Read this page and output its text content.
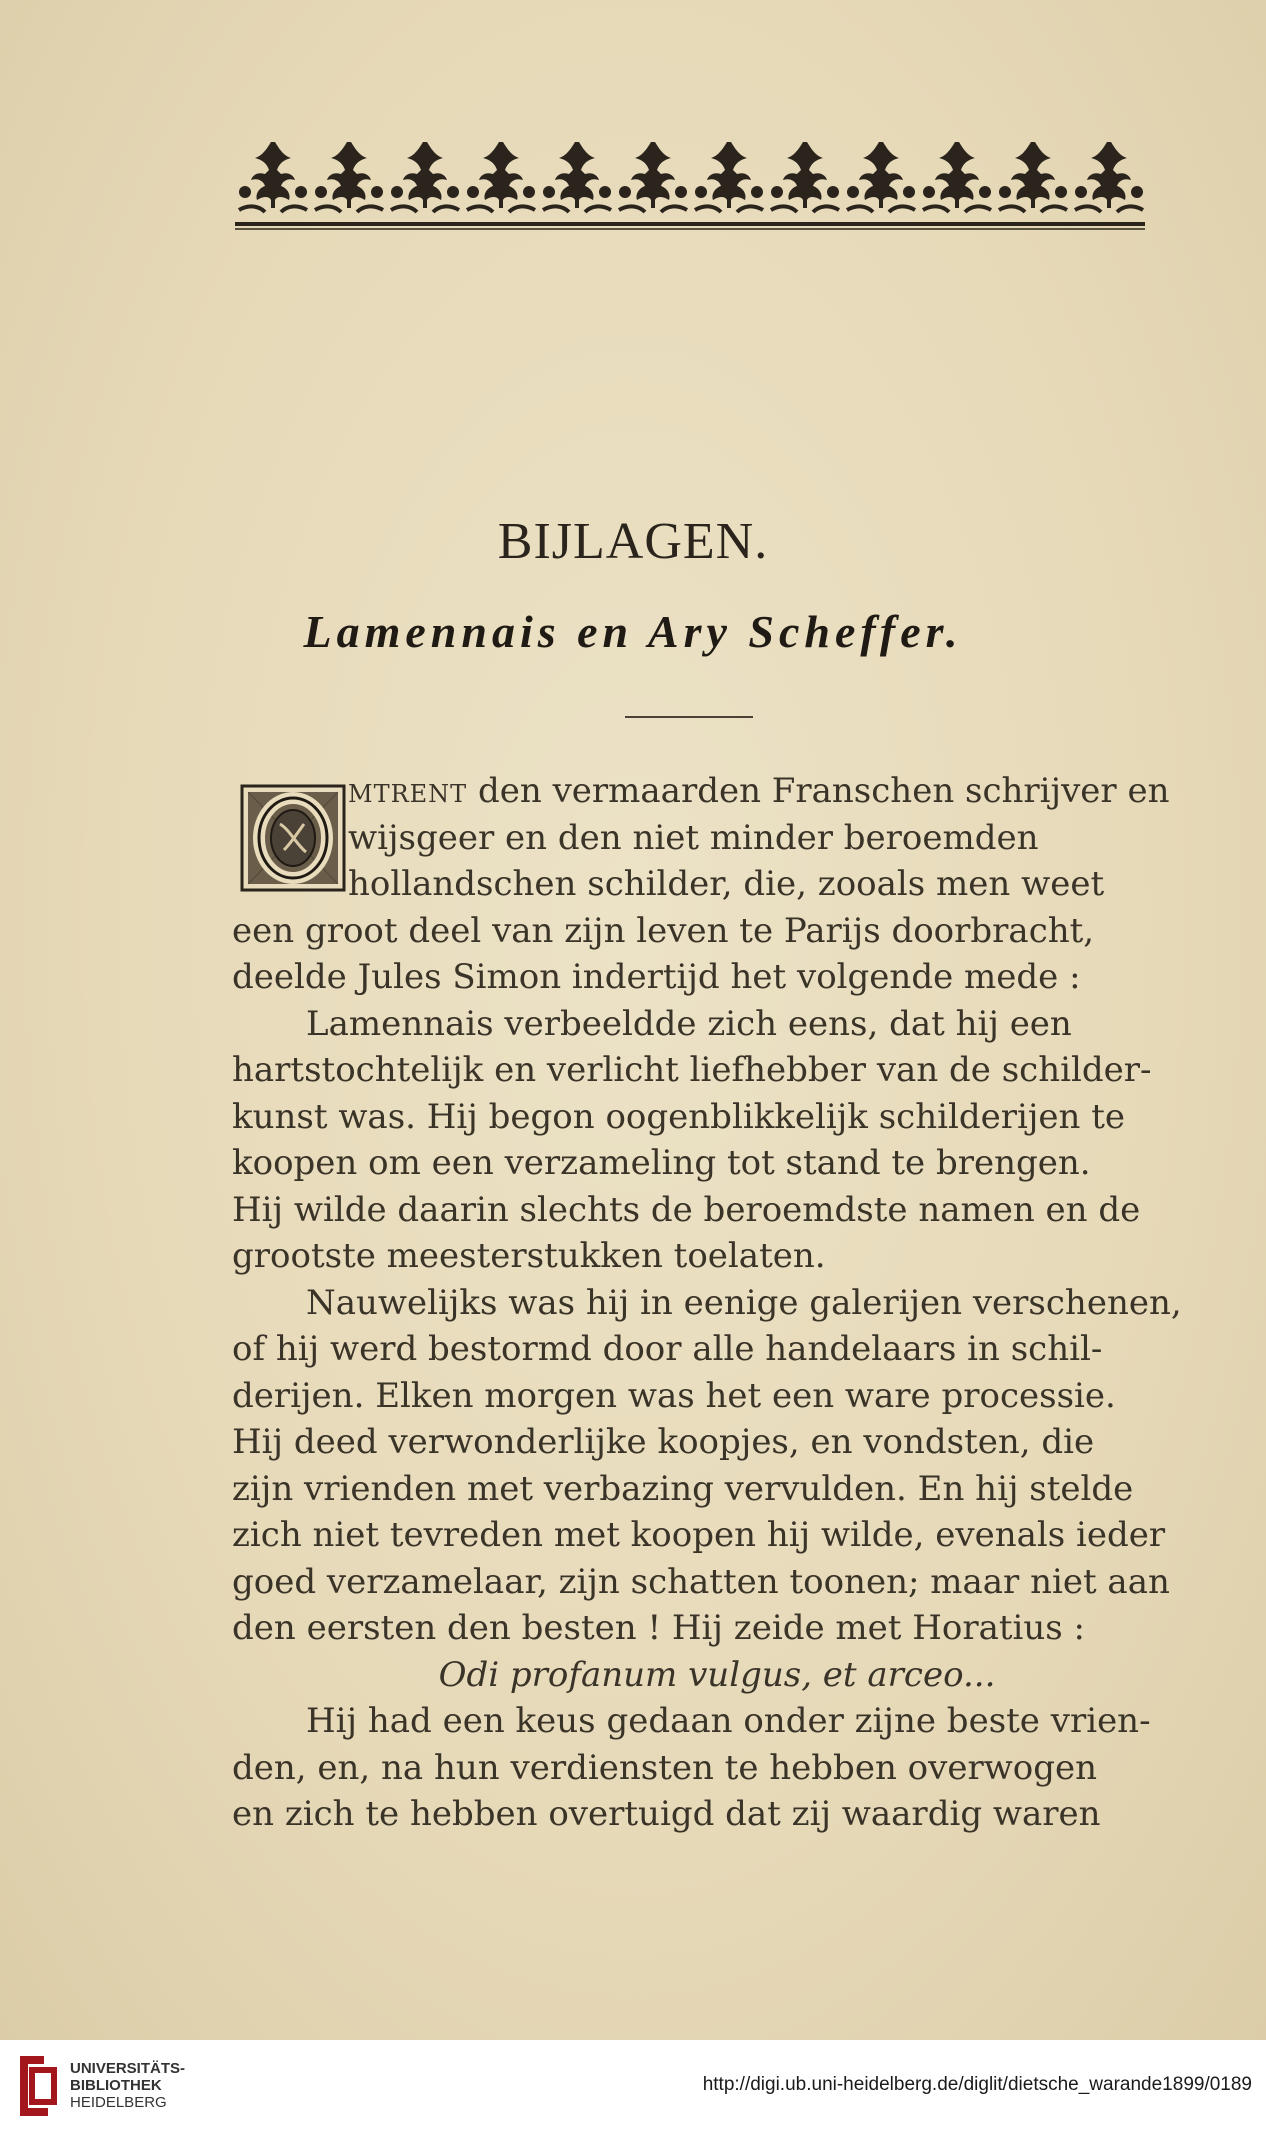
BIJLAGEN.
Lamennais en Ary Scheffer.
mtrent den vermaarden Franschen schrijver en
wijsgeer en den niet minder beroemden
hollandschen schilder, die, zooals men weet
een groot deel van zijn leven te Parijs doorbracht,
deelde Jules Simon indertijd het volgende mede :
Lamennais verbeeldde zich eens, dat hij een
hartstochtelijk en verlicht liefhebber van de schilder-
kunst was. Hij begon oogenblikkelijk schilderijen te
koopen om een verzameling tot stand te brengen.
Hij wilde daarin slechts de beroemdste namen en de
grootste meesterstukken toelaten.
Nauwelijks was hij in eenige galerijen verschenen,
of hij werd bestormd door alle handelaars in schil-
derijen. Elken morgen was het een ware processie.
Hij deed verwonderlijke koopjes, en vondsten, die
zijn vrienden met verbazing vervulden. En hij stelde
zich niet tevreden met koopen hij wilde, evenals ieder
goed verzamelaar, zijn schatten toonen; maar niet aan
den eersten den besten ! Hij zeide met Horatius :
Odi profanum vulgus, et arceo...
Hij had een keus gedaan onder zijne beste vrien-
den, en, na hun verdiensten te hebben overwogen
en zich te hebben overtuigd dat zij waardig waren
UNIVERSITÄTS-
BIBLIOTHEK
HEIDELBERG
http://digi.ub.uni-heidelberg.de/diglit/dietsche_warande1899/0189
